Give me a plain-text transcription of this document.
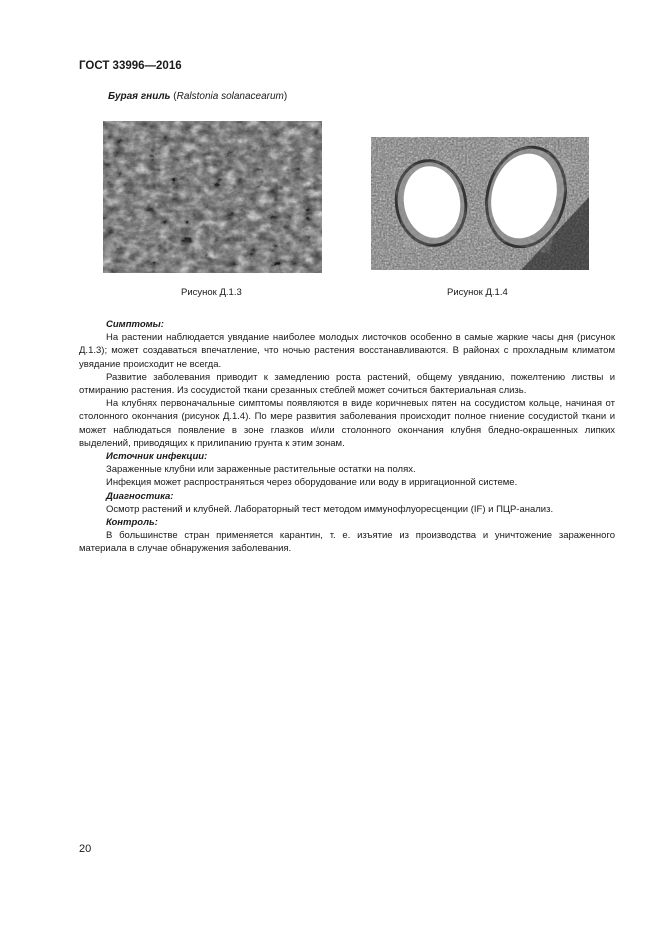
ГОСТ 33996—2016
Бурая гниль (Ralstonia solanacearum)
Рисунок Д.1.3	Рисунок Д.1.4
Симптомы:

На растении наблюдается увядание наиболее молодых листочков особенно в самые жаркие часы дня (рисунок Д.1.3); может создаваться впечатление, что ночью растения восстанавливаются. В районах с прохладным климатом увядание происходит не всегда.

Развитие заболевания приводит к замедлению роста растений, общему увяданию, пожелтению листвы и отмиранию растения. Из сосудистой ткани срезанных стеблей может сочиться бактериальная слизь.

На клубнях первоначальные симптомы появляются в виде коричневых пятен на сосудистом кольце, начиная от столонного окончания (рисунок Д.1.4). По мере развития заболевания происходит полное гниение сосудистой ткани и может наблюдаться появление в зоне глазков и/или столонного окончания клубня бледно-окрашенных липких выделений, приводящих к прилипанию грунта к этим зонам.

Источник инфекции:

Зараженные клубни или зараженные растительные остатки на полях.

Инфекция может распространяться через оборудование или воду в ирригационной системе.

Диагностика:

Осмотр растений и клубней. Лабораторный тест методом иммунофлуоресценции (IF) и ПЦР-анализ.

Контроль:

В большинстве стран применяется карантин, т. е. изъятие из производства и уничтожение зараженного материала в случае обнаружения заболевания.

20
